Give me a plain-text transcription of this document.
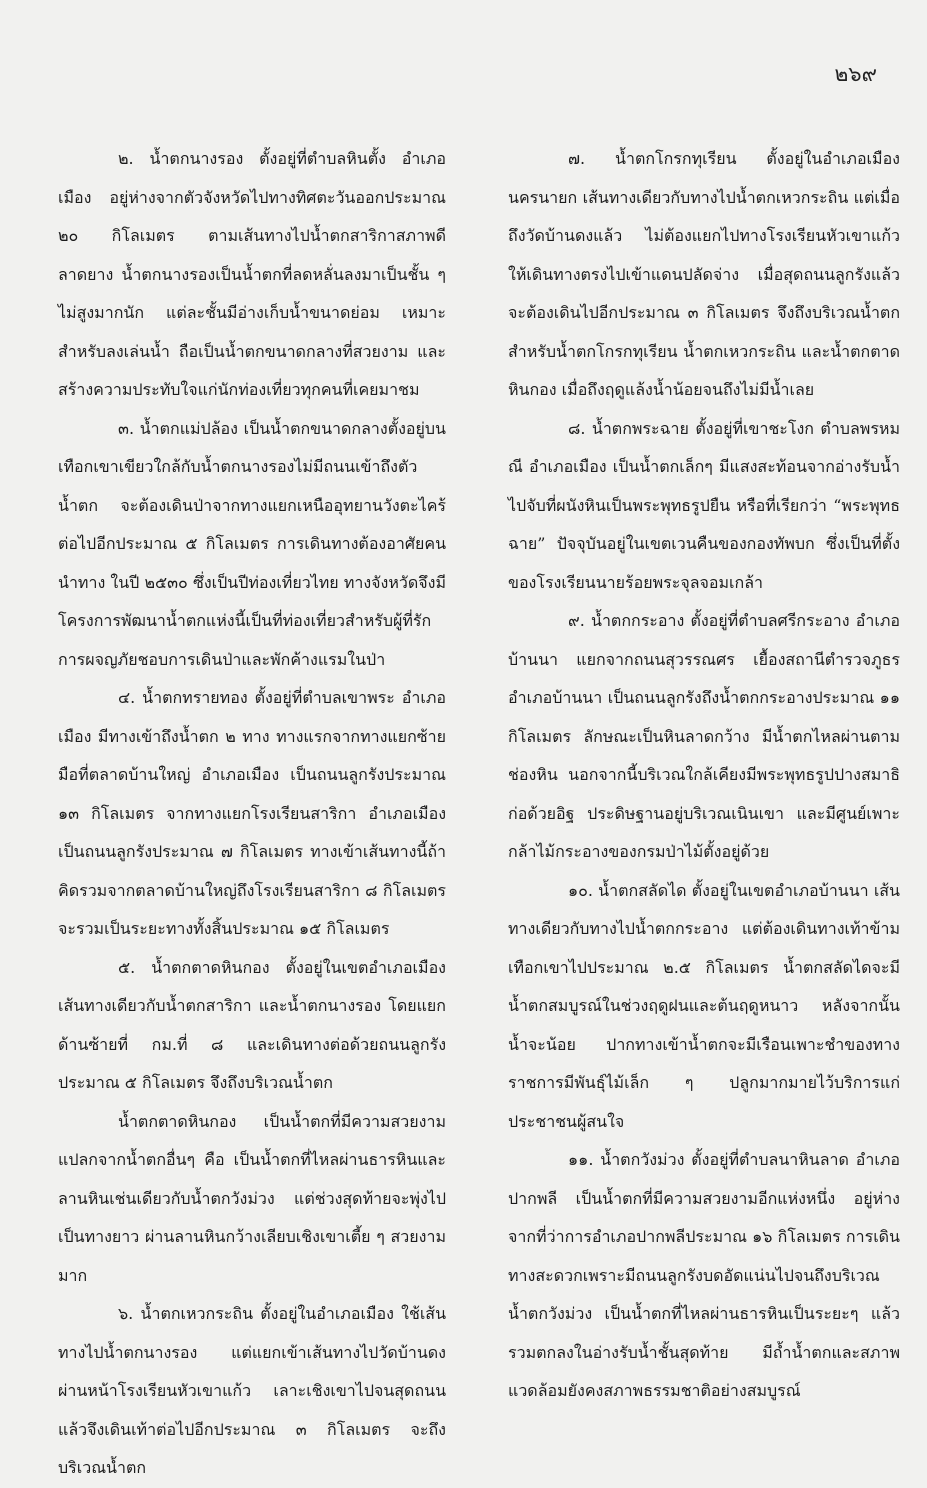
๒๖๙

๒. น้ำตกนางรอง ตั้งอยู่ที่ตำบลหินตั้ง อำเภอเมือง อยู่ห่างจากตัวจังหวัดไปทางทิศตะวันออกประมาณ ๒๐ กิโลเมตร ตามเส้นทางไปน้ำตกสาริกาสภาพดี ลาดยาง น้ำตกนางรองเป็นน้ำตกที่ลดหลั่นลงมาเป็นชั้น ๆ ไม่สูงมากนัก แต่ละชั้นมีอ่างเก็บน้ำขนาดย่อม เหมาะสำหรับลงเล่นน้ำ ถือเป็นน้ำตกขนาดกลางที่สวยงาม และสร้างความประทับใจแก่นักท่องเที่ยวทุกคนที่เคยมาชม

๓. น้ำตกแม่ปล้อง เป็นน้ำตกขนาดกลางตั้งอยู่บนเทือกเขาเขียวใกล้กับน้ำตกนางรองไม่มีถนนเข้าถึงตัวน้ำตก จะต้องเดินป่าจากทางแยกเหนืออุทยานวังตะไคร้ต่อไปอีกประมาณ ๕ กิโลเมตร การเดินทางต้องอาศัยคนนำทาง ในปี ๒๕๓๐ ซึ่งเป็นปีท่องเที่ยวไทย ทางจังหวัดจึงมีโครงการพัฒนาน้ำตกแห่งนี้เป็นที่ท่องเที่ยวสำหรับผู้ที่รักการผจญภัยชอบการเดินป่าและพักค้างแรมในป่า

๔. น้ำตกทรายทอง ตั้งอยู่ที่ตำบลเขาพระ อำเภอเมือง มีทางเข้าถึงน้ำตก ๒ ทาง ทางแรกจากทางแยกซ้ายมือที่ตลาดบ้านใหญ่ อำเภอเมือง เป็นถนนลูกรังประมาณ ๑๓ กิโลเมตร จากทางแยกโรงเรียนสาริกา อำเภอเมือง เป็นถนนลูกรังประมาณ ๗ กิโลเมตร ทางเข้าเส้นทางนี้ถ้าคิดรวมจากตลาดบ้านใหญ่ถึงโรงเรียนสาริกา ๘ กิโลเมตร จะรวมเป็นระยะทางทั้งสิ้นประมาณ ๑๕ กิโลเมตร

๕. น้ำตกตาดหินกอง ตั้งอยู่ในเขตอำเภอเมือง เส้นทางเดียวกับน้ำตกสาริกา และน้ำตกนางรอง โดยแยกด้านซ้ายที่ กม.ที่ ๘ และเดินทางต่อด้วยถนนลูกรังประมาณ ๕ กิโลเมตร จึงถึงบริเวณน้ำตก

น้ำตกตาดหินกอง เป็นน้ำตกที่มีความสวยงามแปลกจากน้ำตกอื่นๆ คือ เป็นน้ำตกที่ไหลผ่านธารหินและลานหินเช่นเดียวกับน้ำตกวังม่วง แต่ช่วงสุดท้ายจะพุ่งไปเป็นทางยาว ผ่านลานหินกว้างเลียบเชิงเขาเตี้ย ๆ สวยงามมาก

๖. น้ำตกเหวกระถิน ตั้งอยู่ในอำเภอเมือง ใช้เส้นทางไปน้ำตกนางรอง แต่แยกเข้าเส้นทางไปวัดบ้านดงผ่านหน้าโรงเรียนหัวเขาแก้ว เลาะเชิงเขาไปจนสุดถนนแล้วจึงเดินเท้าต่อไปอีกประมาณ ๓ กิโลเมตร จะถึงบริเวณน้ำตก

๗. น้ำตกโกรกทุเรียน ตั้งอยู่ในอำเภอเมือง นครนายก เส้นทางเดียวกับทางไปน้ำตกเหวกระถิน แต่เมื่อถึงวัดบ้านดงแล้ว ไม่ต้องแยกไปทางโรงเรียนหัวเขาแก้ว ให้เดินทางตรงไปเข้าแดนปลัดจ่าง เมื่อสุดถนนลูกรังแล้ว จะต้องเดินไปอีกประมาณ ๓ กิโลเมตร จึงถึงบริเวณน้ำตก สำหรับน้ำตกโกรกทุเรียน น้ำตกเหวกระถิน และน้ำตกตาดหินกอง เมื่อถึงฤดูแล้งน้ำน้อยจนถึงไม่มีน้ำเลย

๘. น้ำตกพระฉาย ตั้งอยู่ที่เขาชะโงก ตำบลพรหมณี อำเภอเมือง เป็นน้ำตกเล็กๆ มีแสงสะท้อนจากอ่างรับน้ำไปจับที่ผนังหินเป็นพระพุทธรูปยืน หรือที่เรียกว่า “พระพุทธฉาย” ปัจจุบันอยู่ในเขตเวนคืนของกองทัพบก ซึ่งเป็นที่ตั้งของโรงเรียนนายร้อยพระจุลจอมเกล้า

๙. น้ำตกกระอาง ตั้งอยู่ที่ตำบลศรีกระอาง อำเภอบ้านนา แยกจากถนนสุวรรณศร เยื้องสถานีตำรวจภูธรอำเภอบ้านนา เป็นถนนลูกรังถึงน้ำตกกระอางประมาณ ๑๑ กิโลเมตร ลักษณะเป็นหินลาดกว้าง มีน้ำตกไหลผ่านตามช่องหิน นอกจากนี้บริเวณใกล้เคียงมีพระพุทธรูปปางสมาธิก่อด้วยอิฐ ประดิษฐานอยู่บริเวณเนินเขา และมีศูนย์เพาะกล้าไม้กระอางของกรมป่าไม้ตั้งอยู่ด้วย

๑๐. น้ำตกสลัดได ตั้งอยู่ในเขตอำเภอบ้านนา เส้นทางเดียวกับทางไปน้ำตกกระอาง แต่ต้องเดินทางเท้าข้ามเทือกเขาไปประมาณ ๒.๕ กิโลเมตร น้ำตกสลัดไดจะมีน้ำตกสมบูรณ์ในช่วงฤดูฝนและต้นฤดูหนาว หลังจากนั้นน้ำจะน้อย ปากทางเข้าน้ำตกจะมีเรือนเพาะชำของทางราชการมีพันธุ์ไม้เล็ก ๆ ปลูกมากมายไว้บริการแก่ประชาชนผู้สนใจ

๑๑. น้ำตกวังม่วง ตั้งอยู่ที่ตำบลนาหินลาด อำเภอปากพลี เป็นน้ำตกที่มีความสวยงามอีกแห่งหนึ่ง อยู่ห่างจากที่ว่าการอำเภอปากพลีประมาณ ๑๖ กิโลเมตร การเดินทางสะดวกเพราะมีถนนลูกรังบดอัดแน่นไปจนถึงบริเวณน้ำตกวังม่วง เป็นน้ำตกที่ไหลผ่านธารหินเป็นระยะๆ แล้วรวมตกลงในอ่างรับน้ำชั้นสุดท้าย มีถ้ำน้ำตกและสภาพแวดล้อมยังคงสภาพธรรมชาติอย่างสมบูรณ์
